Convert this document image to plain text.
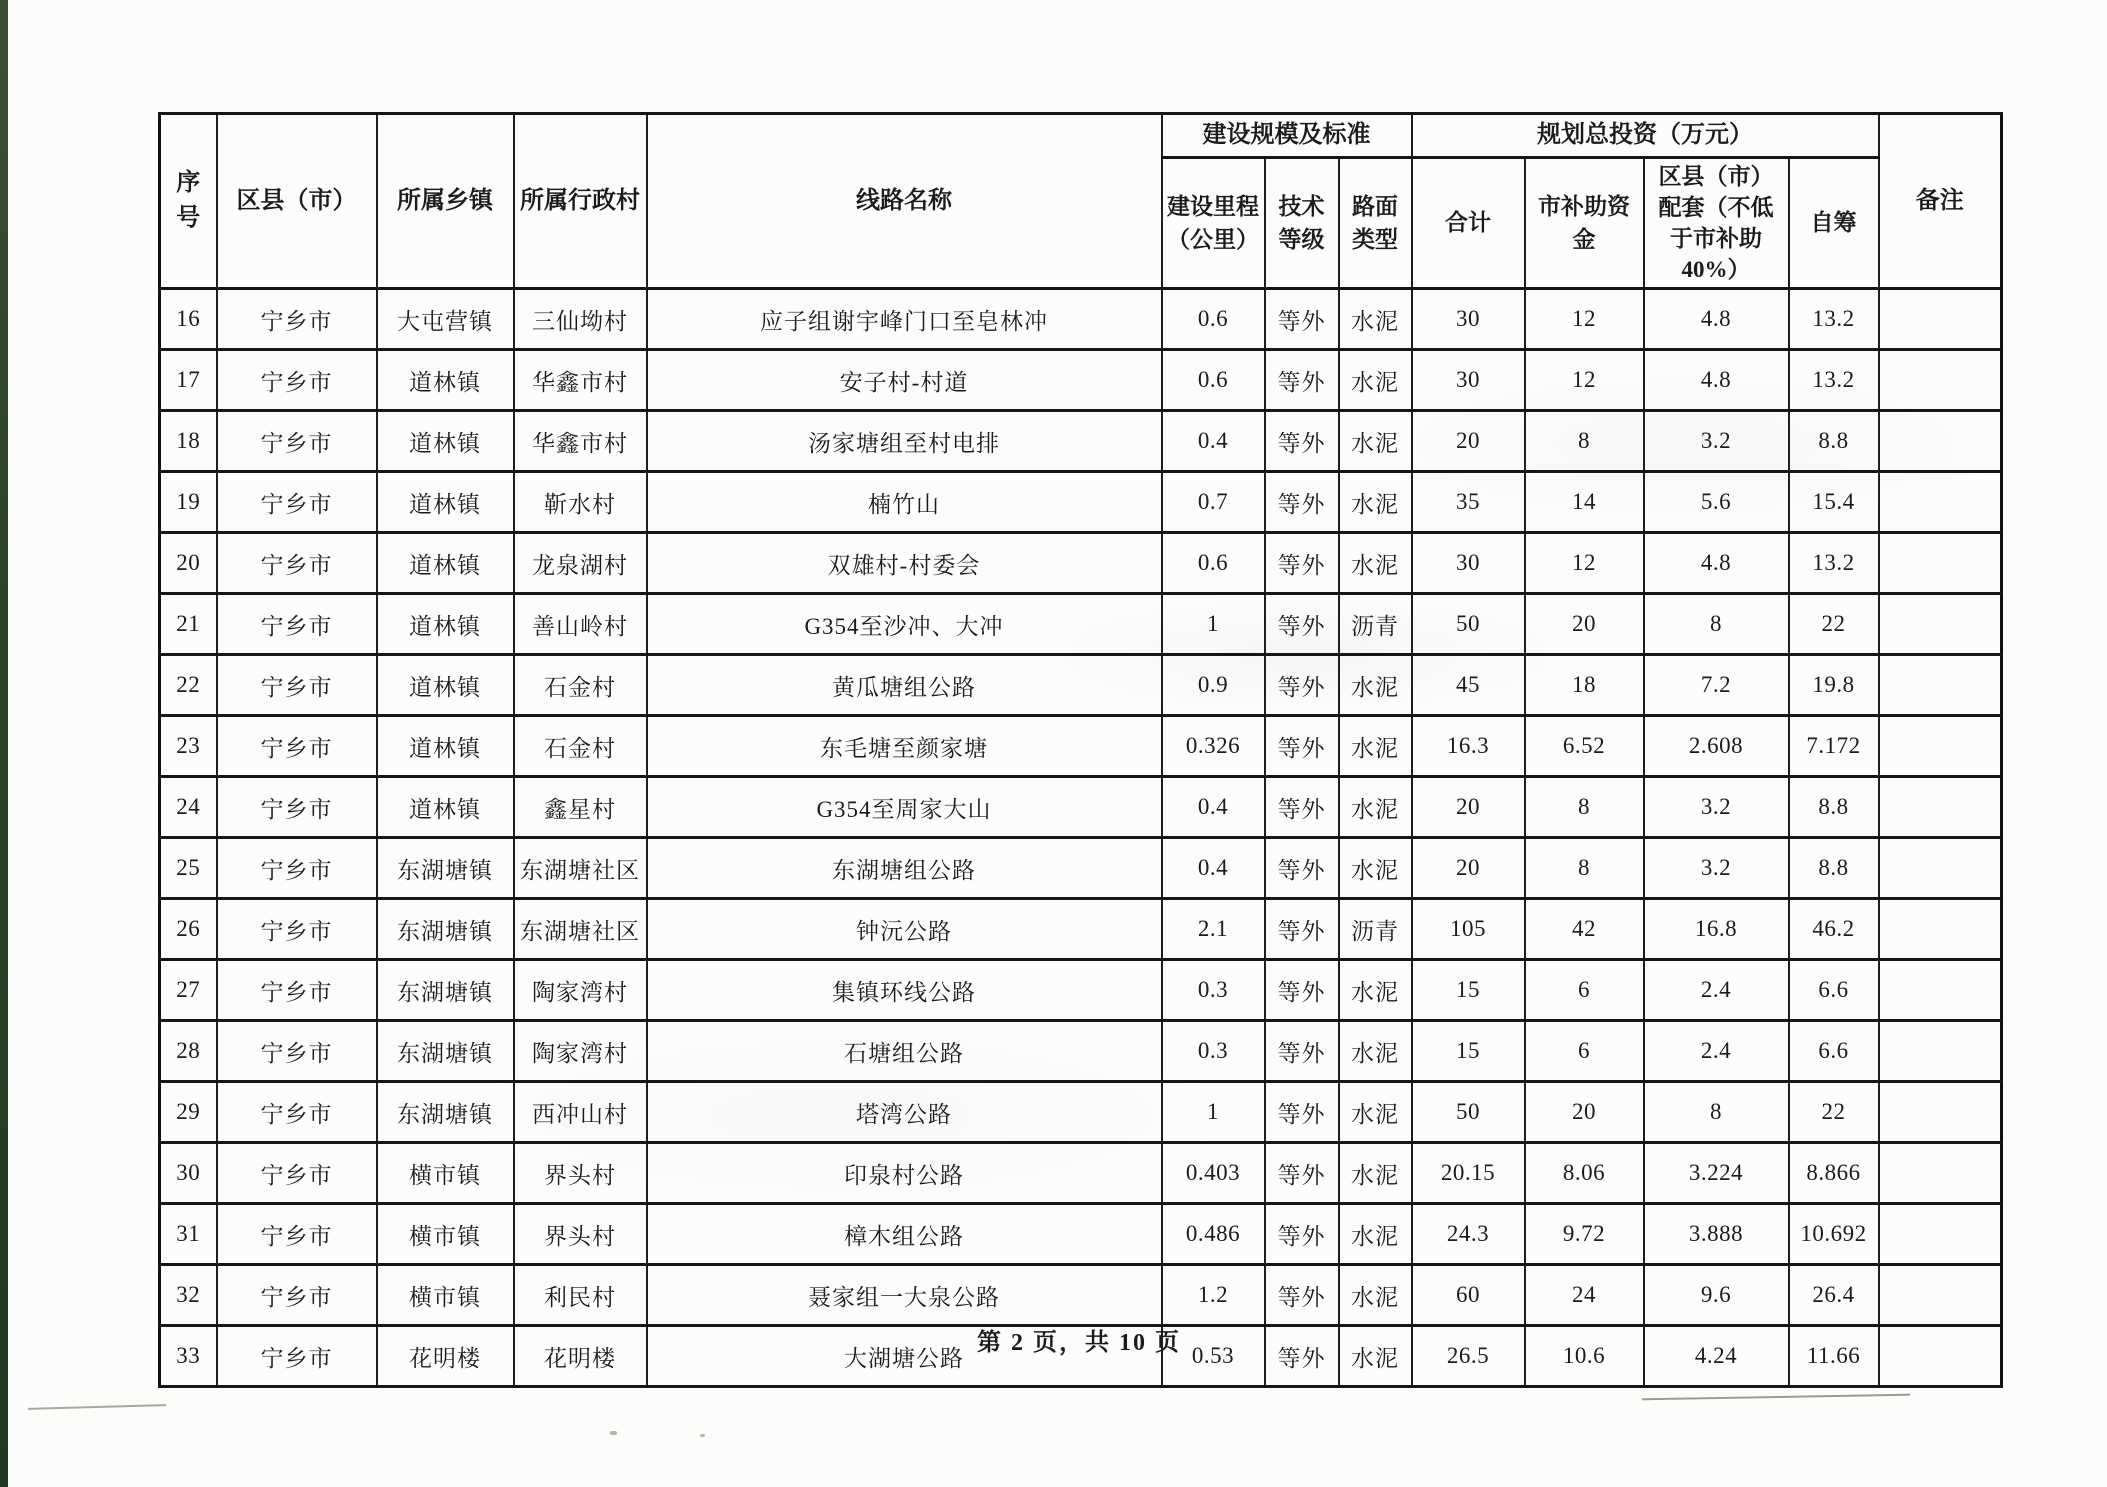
序号	区县（市）	所属乡镇	所属行政村	线路名称	建设规模及标准			规划总投资（万元）				备注
					建设里程（公里）	技术等级	路面类型	合计	市补助资金	区县（市）配套（不低于市补助40%）	自筹	
16	宁乡市	大屯营镇	三仙坳村	应子组谢宇峰门口至皂林冲	0.6	等外	水泥	30	12	4.8	13.2	
17	宁乡市	道林镇	华鑫市村	安子村-村道	0.6	等外	水泥	30	12	4.8	13.2	
18	宁乡市	道林镇	华鑫市村	汤家塘组至村电排	0.4	等外	水泥	20	8	3.2	8.8	
19	宁乡市	道林镇	靳水村	楠竹山	0.7	等外	水泥	35	14	5.6	15.4	
20	宁乡市	道林镇	龙泉湖村	双雄村-村委会	0.6	等外	水泥	30	12	4.8	13.2	
21	宁乡市	道林镇	善山岭村	G354至沙冲、大冲	1	等外	沥青	50	20	8	22	
22	宁乡市	道林镇	石金村	黄瓜塘组公路	0.9	等外	水泥	45	18	7.2	19.8	
23	宁乡市	道林镇	石金村	东毛塘至颜家塘	0.326	等外	水泥	16.3	6.52	2.608	7.172	
24	宁乡市	道林镇	鑫星村	G354至周家大山	0.4	等外	水泥	20	8	3.2	8.8	
25	宁乡市	东湖塘镇	东湖塘社区	东湖塘组公路	0.4	等外	水泥	20	8	3.2	8.8	
26	宁乡市	东湖塘镇	东湖塘社区	钟沅公路	2.1	等外	沥青	105	42	16.8	46.2	
27	宁乡市	东湖塘镇	陶家湾村	集镇环线公路	0.3	等外	水泥	15	6	2.4	6.6	
28	宁乡市	东湖塘镇	陶家湾村	石塘组公路	0.3	等外	水泥	15	6	2.4	6.6	
29	宁乡市	东湖塘镇	西冲山村	塔湾公路	1	等外	水泥	50	20	8	22	
30	宁乡市	横市镇	界头村	印泉村公路	0.403	等外	水泥	20.15	8.06	3.224	8.866	
31	宁乡市	横市镇	界头村	樟木组公路	0.486	等外	水泥	24.3	9.72	3.888	10.692	
32	宁乡市	横市镇	利民村	聂家组一大泉公路	1.2	等外	水泥	60	24	9.6	26.4	
33	宁乡市	花明楼	花明楼	大湖塘公路	0.53	等外	水泥	26.5	10.6	4.24	11.66	
第 2 页，共 10 页
